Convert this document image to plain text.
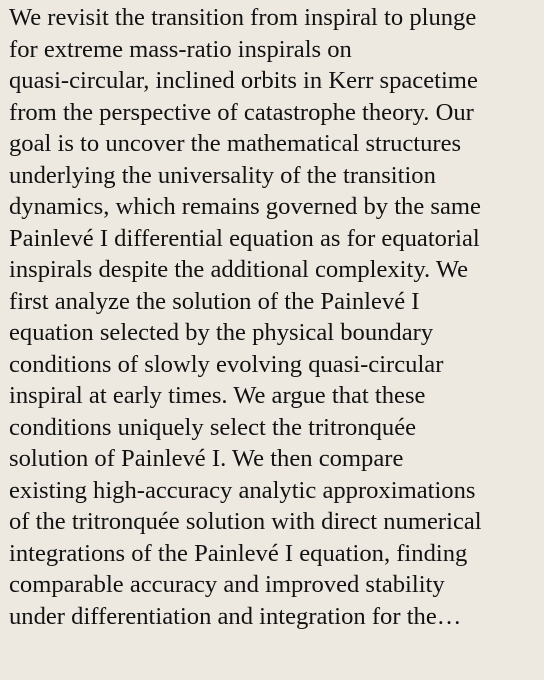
We revisit the transition from inspiral to plunge
for extreme mass-ratio inspirals on
quasi-circular, inclined orbits in Kerr spacetime
from the perspective of catastrophe theory. Our
goal is to uncover the mathematical structures
underlying the universality of the transition
dynamics, which remains governed by the same
Painlevé I differential equation as for equatorial
inspirals despite the additional complexity. We
first analyze the solution of the Painlevé I
equation selected by the physical boundary
conditions of slowly evolving quasi-circular
inspiral at early times. We argue that these
conditions uniquely select the tritronquée
solution of Painlevé I. We then compare
existing high-accuracy analytic approximations
of the tritronquée solution with direct numerical
integrations of the Painlevé I equation, finding
comparable accuracy and improved stability
under differentiation and integration for the…
